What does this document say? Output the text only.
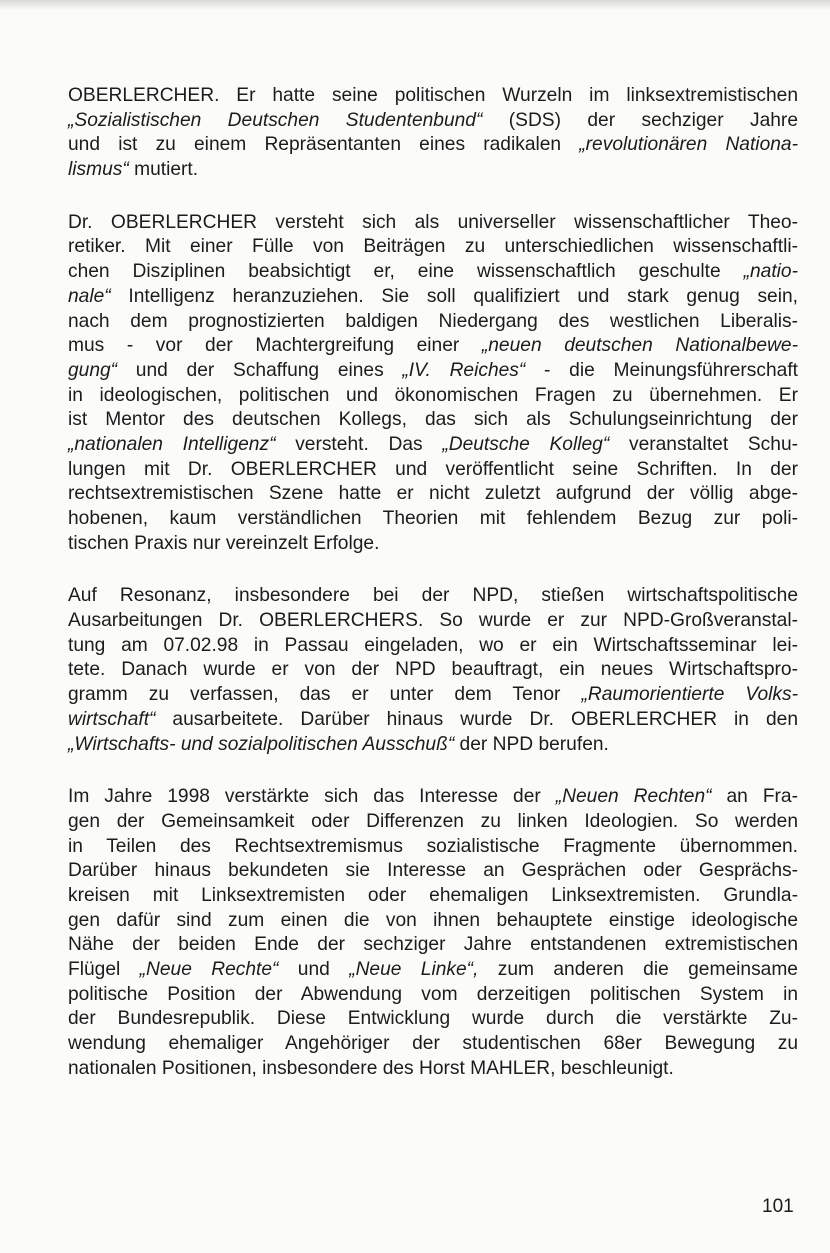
OBERLERCHER. Er hatte seine politischen Wurzeln im linksextremistischen
„Sozialistischen Deutschen Studentenbund“ (SDS) der sechziger Jahre
und ist zu einem Repräsentanten eines radikalen „revolutionären Nationa-
lismus“ mutiert.
Dr. OBERLERCHER versteht sich als universeller wissenschaftlicher Theo-
retiker. Mit einer Fülle von Beiträgen zu unterschiedlichen wissenschaftli-
chen Disziplinen beabsichtigt er, eine wissenschaftlich geschulte „natio-
nale“ Intelligenz heranzuziehen. Sie soll qualifiziert und stark genug sein,
nach dem prognostizierten baldigen Niedergang des westlichen Liberalis-
mus - vor der Machtergreifung einer „neuen deutschen Nationalbewe-
gung“ und der Schaffung eines „IV. Reiches“ - die Meinungsführerschaft
in ideologischen, politischen und ökonomischen Fragen zu übernehmen. Er
ist Mentor des deutschen Kollegs, das sich als Schulungseinrichtung der
„nationalen Intelligenz“ versteht. Das „Deutsche Kolleg“ veranstaltet Schu-
lungen mit Dr. OBERLERCHER und veröffentlicht seine Schriften. In der
rechtsextremistischen Szene hatte er nicht zuletzt aufgrund der völlig abge-
hobenen, kaum verständlichen Theorien mit fehlendem Bezug zur poli-
tischen Praxis nur vereinzelt Erfolge.
Auf Resonanz, insbesondere bei der NPD, stießen wirtschaftspolitische
Ausarbeitungen Dr. OBERLERCHERS. So wurde er zur NPD-Großveranstal-
tung am 07.02.98 in Passau eingeladen, wo er ein Wirtschaftsseminar lei-
tete. Danach wurde er von der NPD beauftragt, ein neues Wirtschaftspro-
gramm zu verfassen, das er unter dem Tenor „Raumorientierte Volks-
wirtschaft“ ausarbeitete. Darüber hinaus wurde Dr. OBERLERCHER in den
„Wirtschafts- und sozialpolitischen Ausschuß“ der NPD berufen.
Im Jahre 1998 verstärkte sich das Interesse der „Neuen Rechten“ an Fra-
gen der Gemeinsamkeit oder Differenzen zu linken Ideologien. So werden
in Teilen des Rechtsextremismus sozialistische Fragmente übernommen.
Darüber hinaus bekundeten sie Interesse an Gesprächen oder Gesprächs-
kreisen mit Linksextremisten oder ehemaligen Linksextremisten. Grundla-
gen dafür sind zum einen die von ihnen behauptete einstige ideologische
Nähe der beiden Ende der sechziger Jahre entstandenen extremistischen
Flügel „Neue Rechte“ und „Neue Linke“, zum anderen die gemeinsame
politische Position der Abwendung vom derzeitigen politischen System in
der Bundesrepublik. Diese Entwicklung wurde durch die verstärkte Zu-
wendung ehemaliger Angehöriger der studentischen 68er Bewegung zu
nationalen Positionen, insbesondere des Horst MAHLER, beschleunigt.
101
